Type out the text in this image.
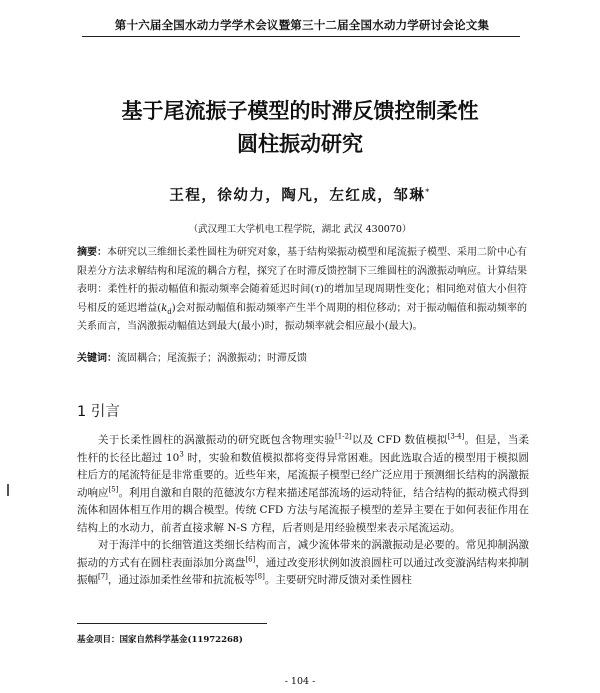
第十六届全国水动力学学术会议暨第三十二届全国水动力学研讨会论文集
基于尾流振子模型的时滞反馈控制柔性
圆柱振动研究
王程，徐幼力，陶凡，左红成，邹琳*
（武汉理工大学机电工程学院，湖北 武汉 430070）
摘要：本研究以三维细长柔性圆柱为研究对象，基于结构梁振动模型和尾流振子模型、采用二阶中心有限差分方法求解结构和尾流的耦合方程，探究了在时滞反馈控制下三维圆柱的涡激振动响应。计算结果表明：柔性杆的振动幅值和振动频率会随着延迟时间(τ)的增加呈现周期性变化；相同绝对值大小但符号相反的延迟增益$(k_d)$会对振动幅值和振动频率产生半个周期的相位移动；对于振动幅值和振动频率的关系而言，当涡激振动幅值达到最大(最小)时，振动频率就会相应最小(最大)。
关键词：流固耦合；尾流振子；涡激振动；时滞反馈
1 引言

关于长柔性圆柱的涡激振动的研究既包含物理实验[1-2]以及 CFD 数值模拟[3-4]。但是，当柔性杆的长径比超过 $10^3$ 时，实验和数值模拟都将变得异常困难。因此选取合适的模型用于模拟圆柱后方的尾流特征是非常重要的。近些年来，尾流振子模型已经广泛应用于预测细长结构的涡激振动响应[5]。利用自激和自限的范德波尔方程来描述尾部流场的运动特征，结合结构的振动模式得到流体和固体相互作用的耦合模型。传统 CFD 方法与尾流振子模型的差异主要在于如何表征作用在结构上的水动力，前者直接求解 N-S 方程，后者则是用经验模型来表示尾流运动。

对于海洋中的长细管道这类细长结构而言，减少流体带来的涡激振动是必要的。常见抑制涡激振动的方式有在圆柱表面添加分离盘[6]，通过改变形状例如波浪圆柱可以通过改变漩涡结构来抑制振幅[7]，通过添加柔性丝带和抗流板等[8]。主要研究时滞反馈对柔性圆柱

基金项目：国家自然科学基金(11972268)
- 104 -
